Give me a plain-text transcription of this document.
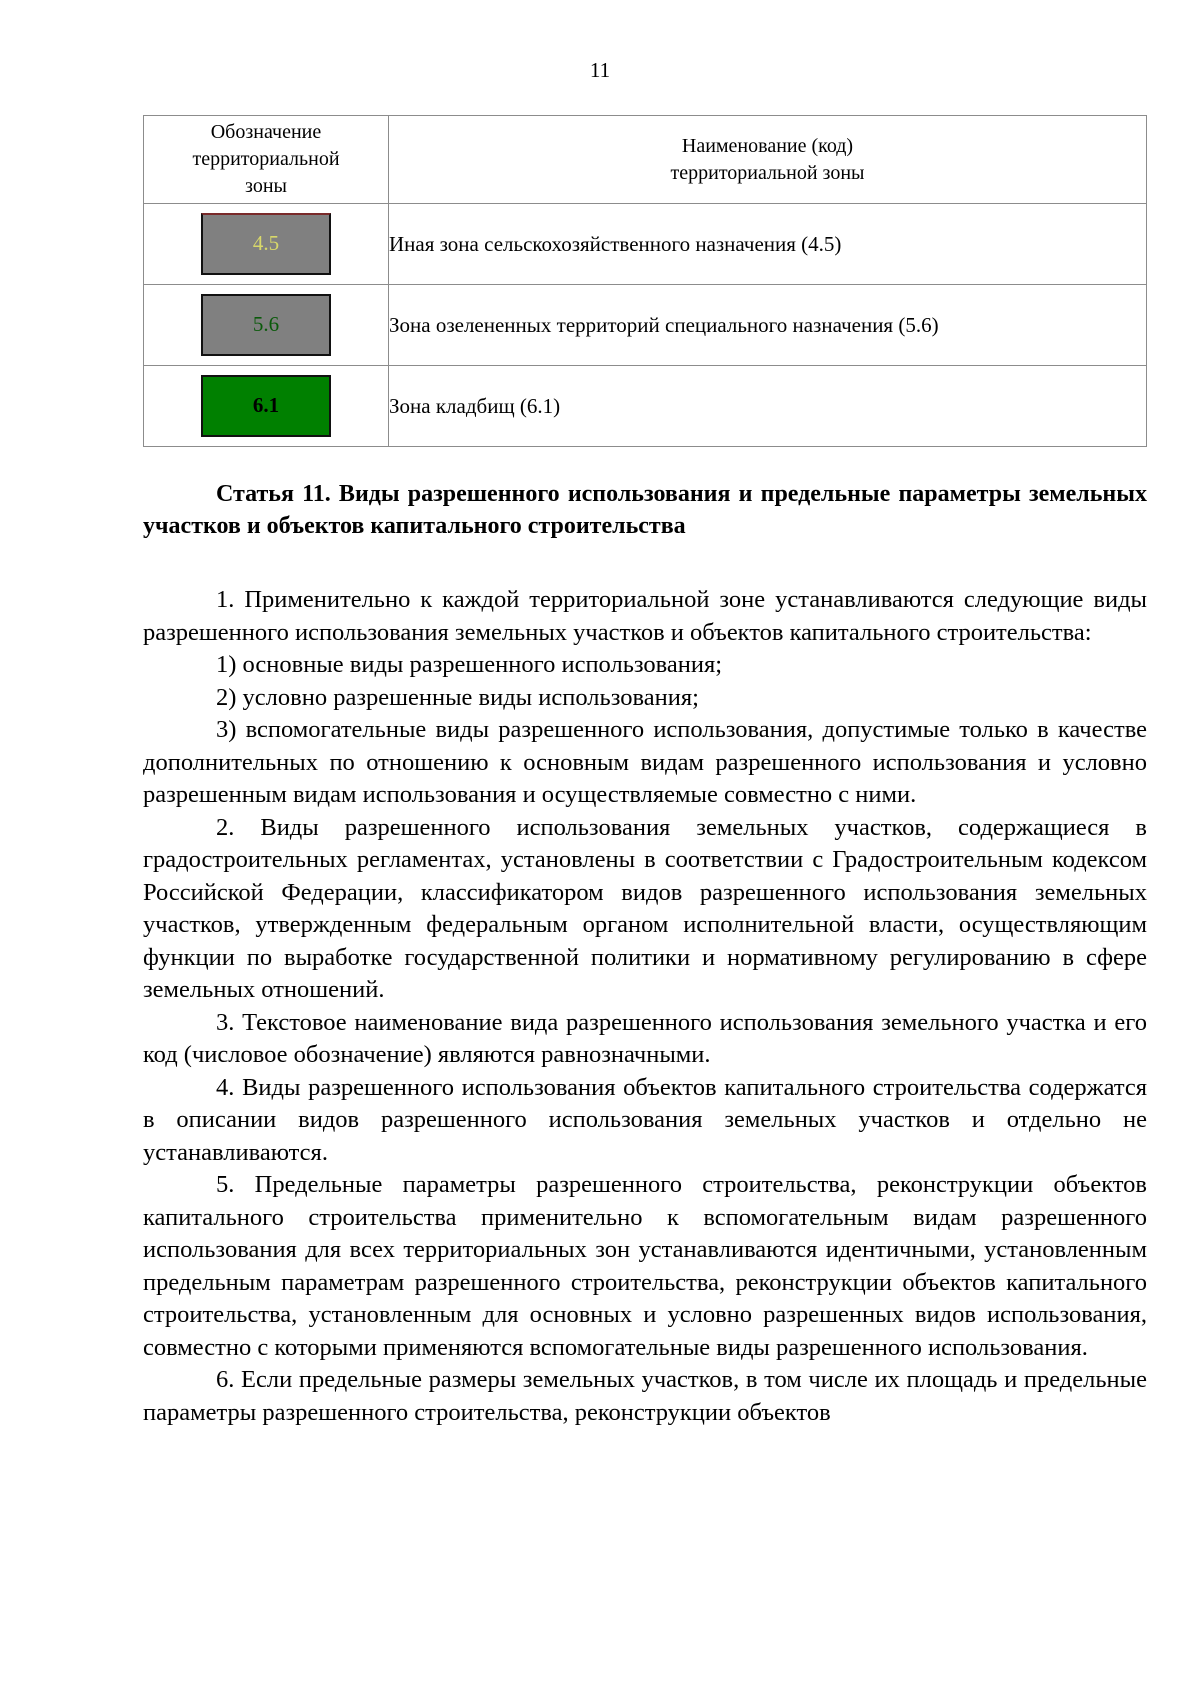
11
Обозначение территориальной зоны	Наименование (код) территориальной зоны
4.5	Иная зона сельскохозяйственного назначения (4.5)
5.6	Зона озелененных территорий специального назначения (5.6)
6.1	Зона кладбищ (6.1)

Статья 11. Виды разрешенного использования и предельные параметры земельных участков и объектов капитального строительства

1. Применительно к каждой территориальной зоне устанавливаются следующие виды разрешенного использования земельных участков и объектов капитального строительства:

1) основные виды разрешенного использования;

2) условно разрешенные виды использования;

3) вспомогательные виды разрешенного использования, допустимые только в качестве дополнительных по отношению к основным видам разрешенного использования и условно разрешенным видам использования и осуществляемые совместно с ними.

2. Виды разрешенного использования земельных участков, содержащиеся в градостроительных регламентах, установлены в соответствии с Градостроительным кодексом Российской Федерации, классификатором видов разрешенного использования земельных участков, утвержденным федеральным органом исполнительной власти, осуществляющим функции по выработке государственной политики и нормативному регулированию в сфере земельных отношений.

3. Текстовое наименование вида разрешенного использования земельного участка и его код (числовое обозначение) являются равнозначными.

4. Виды разрешенного использования объектов капитального строительства содержатся в описании видов разрешенного использования земельных участков и отдельно не устанавливаются.

5. Предельные параметры разрешенного строительства, реконструкции объектов капитального строительства применительно к вспомогательным видам разрешенного использования для всех территориальных зон устанавливаются идентичными, установленным предельным параметрам разрешенного строительства, реконструкции объектов капитального строительства, установленным для основных и условно разрешенных видов использования, совместно с которыми применяются вспомогательные виды разрешенного использования.

6. Если предельные размеры земельных участков, в том числе их площадь и предельные параметры разрешенного строительства, реконструкции объектов
